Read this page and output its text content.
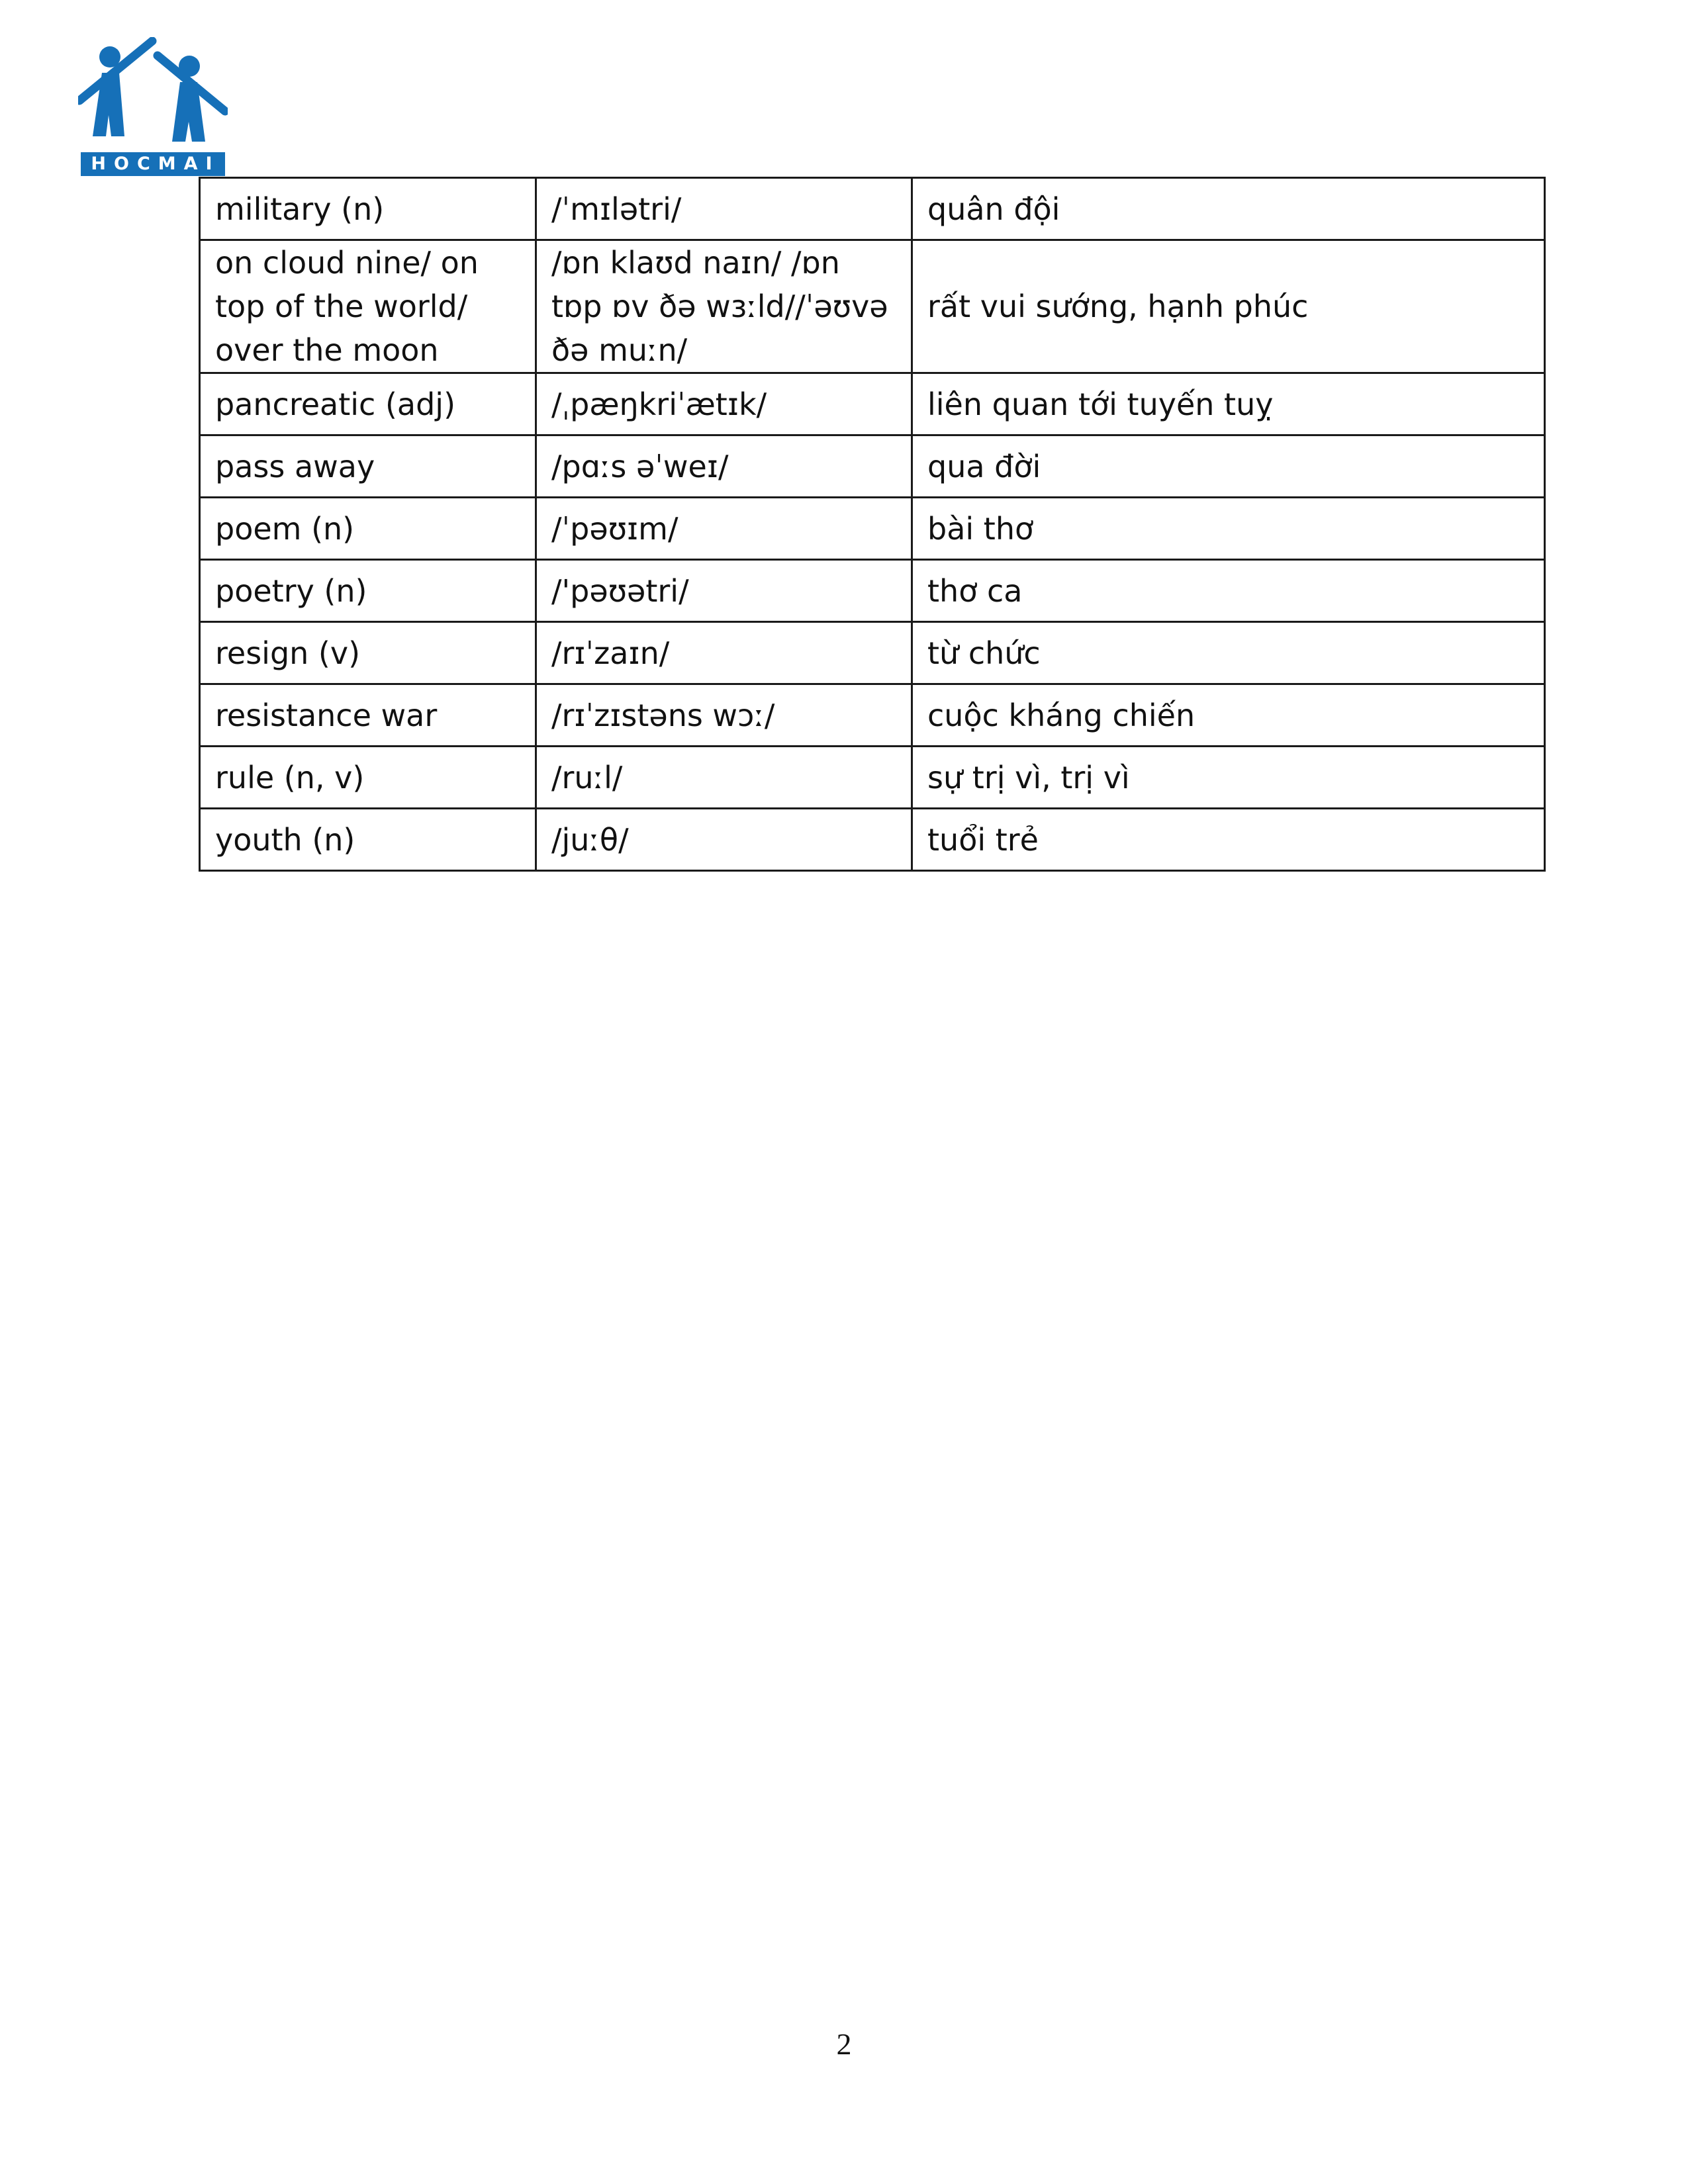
HOCMAI
military (n)	/ˈmɪlətri/	quân đội
on cloud nine/ on top of the world/ over the moon	/ɒn klaʊd naɪn/ /ɒn tɒp ɒv ðə wɜːld//ˈəʊvə ðə muːn/	rất vui sướng, hạnh phúc
pancreatic (adj)	/ˌpæŋkriˈætɪk/	liên quan tới tuyến tuỵ
pass away	/pɑːs əˈweɪ/	qua đời
poem (n)	/ˈpəʊɪm/	bài thơ
poetry (n)	/'pəʊətri/	thơ ca
resign (v)	/rɪˈzaɪn/	từ chức
resistance war	/rɪˈzɪstəns wɔː/	cuộc kháng chiến
rule (n, v)	/ruːl/	sự trị vì, trị vì
youth (n)	/juːθ/	tuổi trẻ
2
